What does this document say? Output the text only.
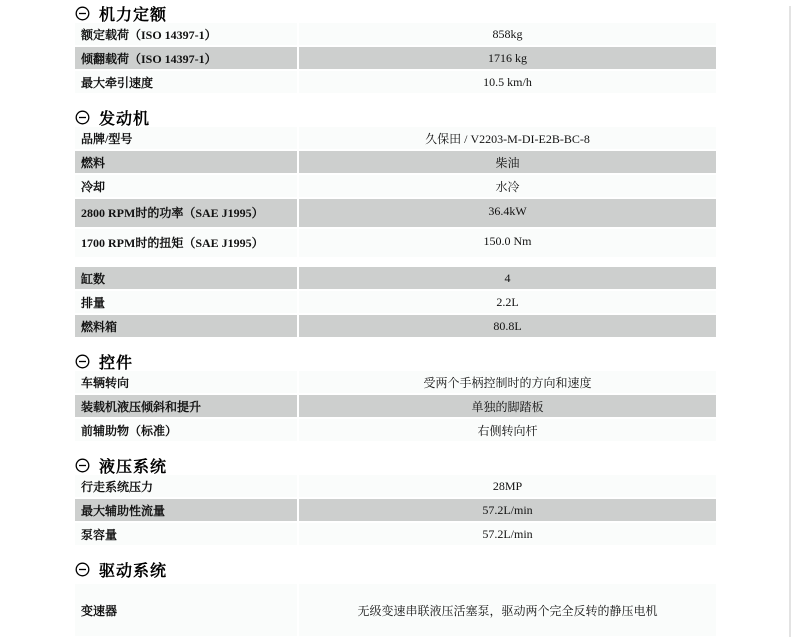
机力定额
额定载荷（ISO 14397-1）	858kg
倾翻载荷（ISO 14397-1）	1716 kg
最大牵引速度	10.5 km/h
发动机
品牌/型号	久保田 / V2203-M-DI-E2B-BC-8
燃料	柴油
冷却	水冷
2800 RPM时的功率（SAE J1995）	36.4kW
1700 RPM时的扭矩（SAE J1995）	150.0 Nm
缸数	4
排量	2.2L
燃料箱	80.8L
控件
车辆转向	受两个手柄控制时的方向和速度
装载机液压倾斜和提升	单独的脚踏板
前辅助物（标准）	右侧转向杆
液压系统
行走系统压力	28MP
最大辅助性流量	57.2L/min
泵容量	57.2L/min
驱动系统
变速器	无级变速串联液压活塞泵，驱动两个完全反转的静压电机
